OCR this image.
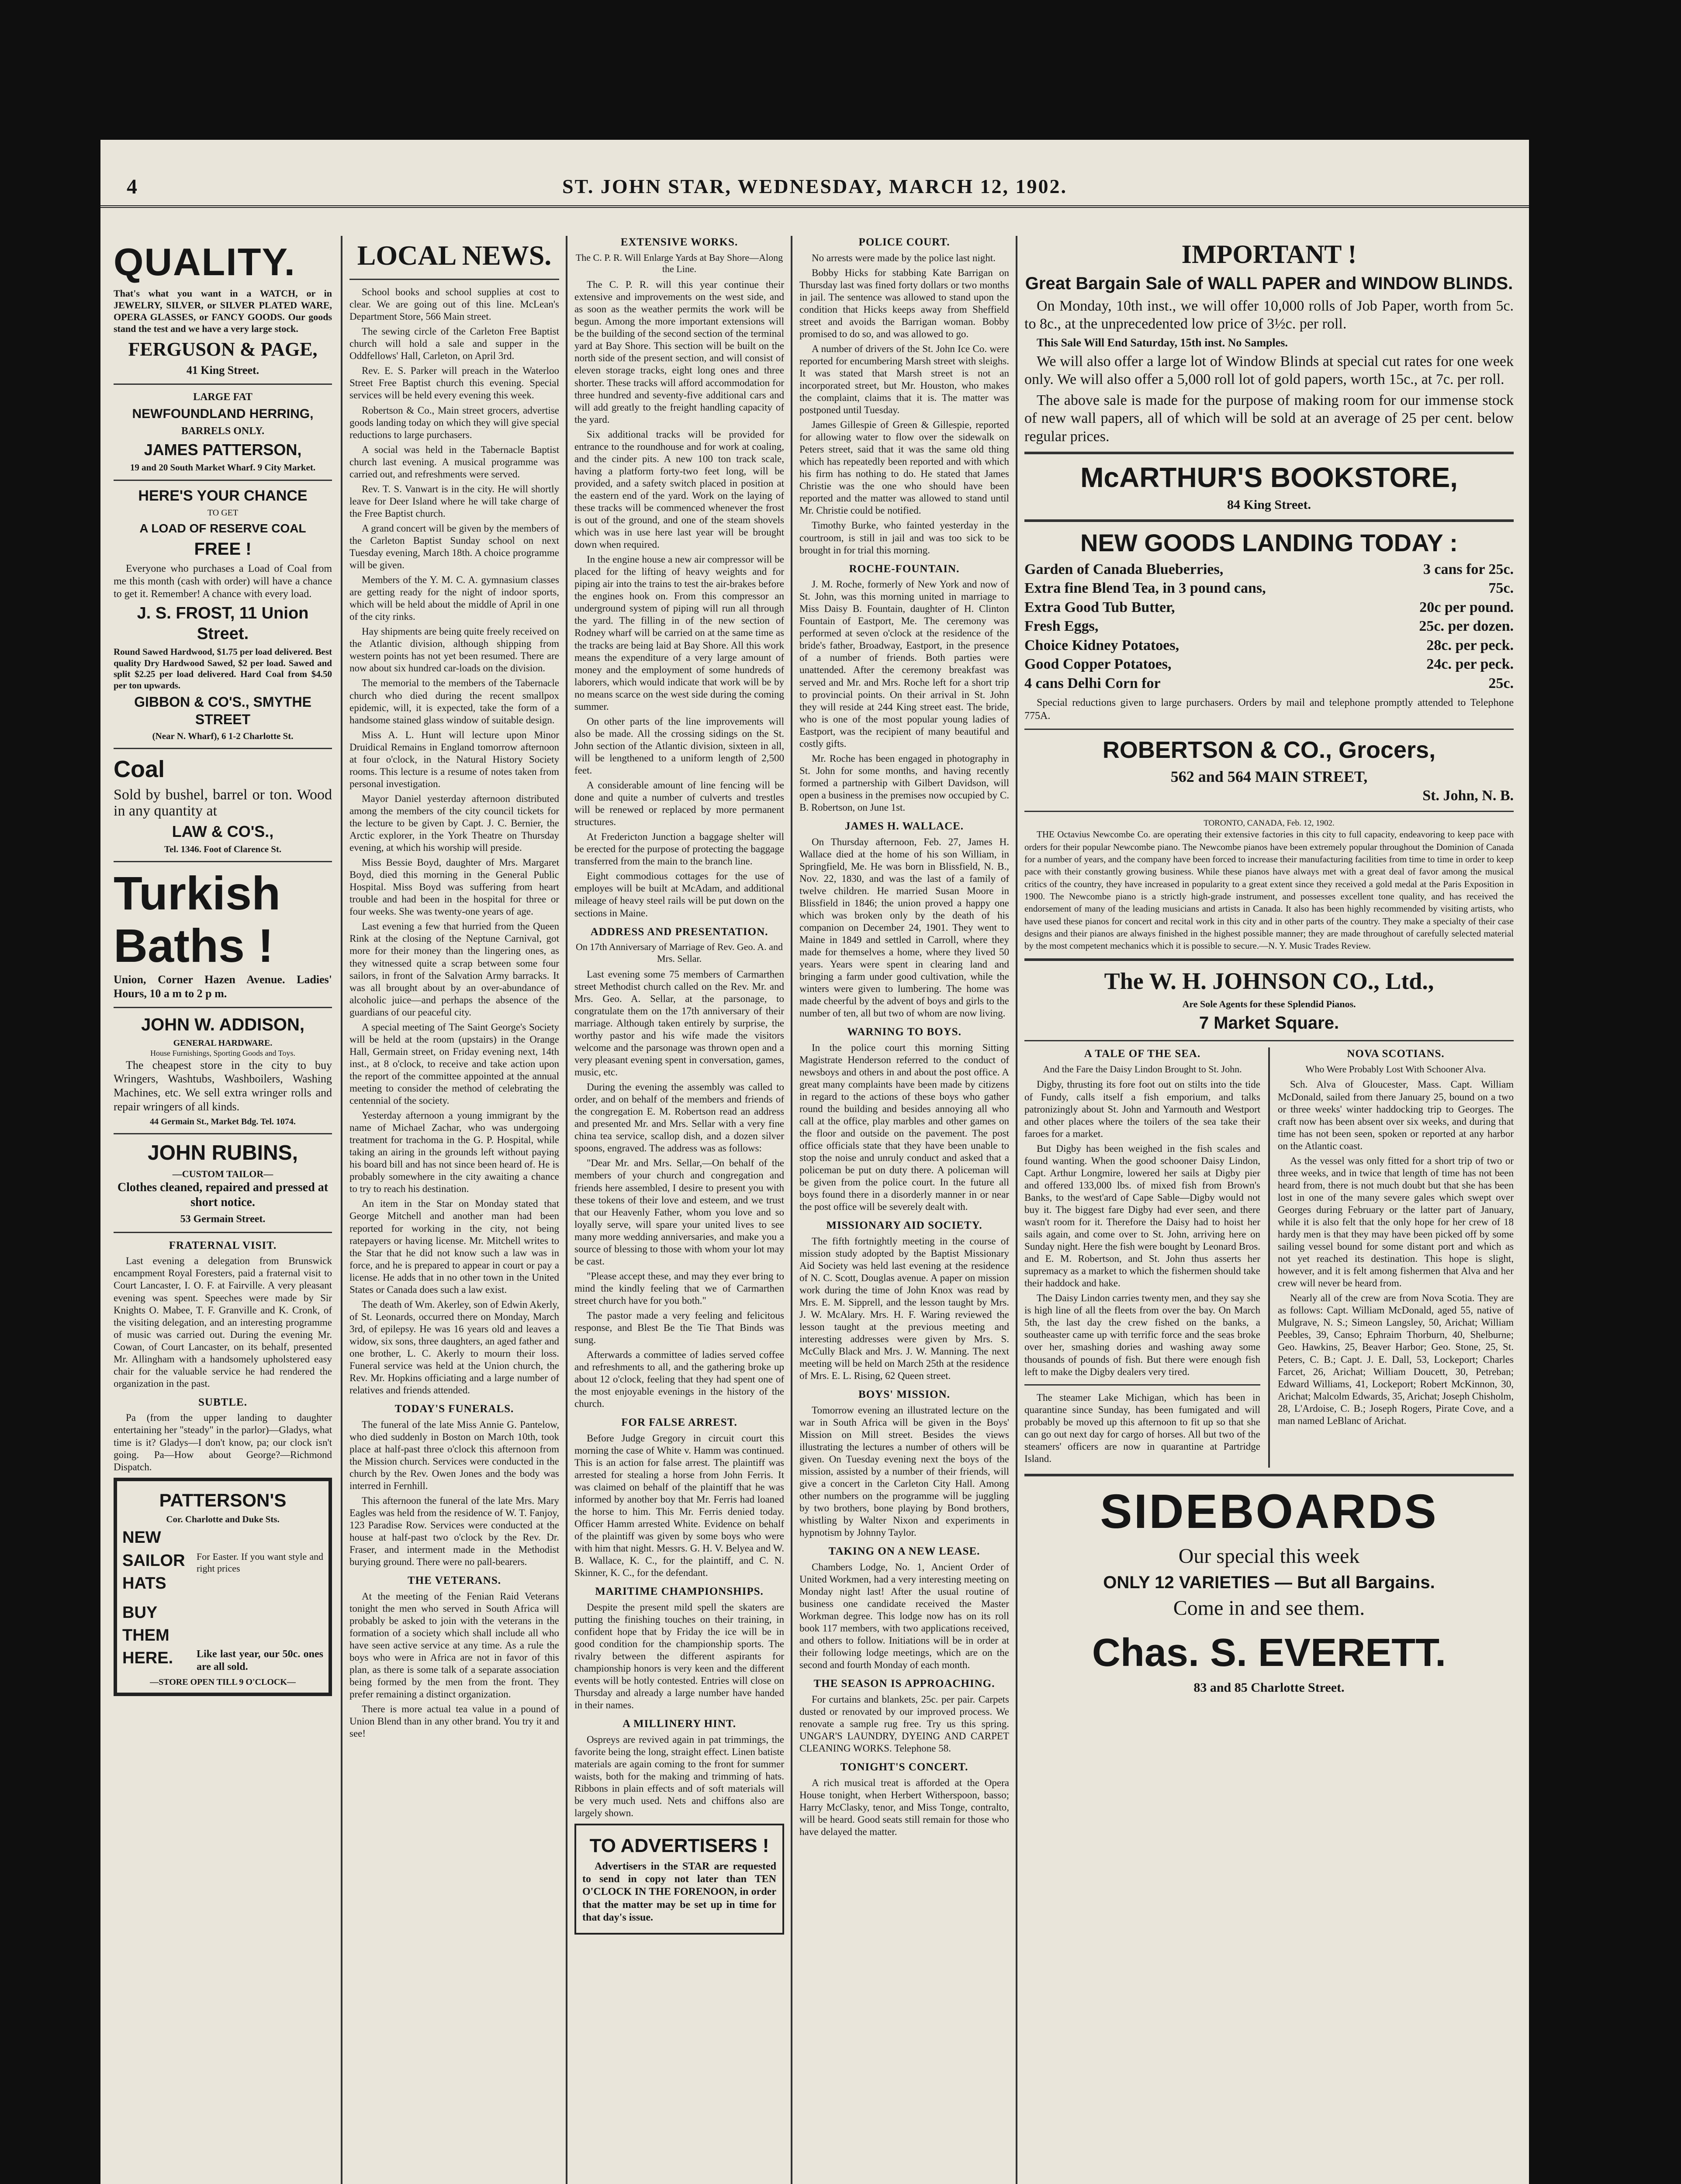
4	ST. JOHN STAR, WEDNESDAY, MARCH 12, 1902.
QUALITY.

That's what you want in a WATCH, or in JEWELRY, SILVER, or SILVER PLATED WARE, OPERA GLASSES, or FANCY GOODS. Our goods stand the test and we have a very large stock.

FERGUSON & PAGE,
41 King Street.
LARGE FAT
NEWFOUNDLAND HERRING,
BARRELS ONLY.
JAMES PATTERSON,
19 and 20 South Market Wharf. 9 City Market.
HERE'S YOUR CHANCE
TO GET
A LOAD OF RESERVE COAL
FREE !

Everyone who purchases a Load of Coal from me this month (cash with order) will have a chance to get it. Remember! A chance with every load.

J. S. FROST, 11 Union Street.

Round Sawed Hardwood, $1.75 per load delivered. Best quality Dry Hardwood Sawed, $2 per load. Sawed and split $2.25 per load delivered. Hard Coal from $4.50 per ton upwards.

GIBBON & CO'S., SMYTHE STREET
(Near N. Wharf), 6 1-2 Charlotte St.
Coal

Sold by bushel, barrel or ton. Wood in any quantity at

LAW & CO'S.,
Tel. 1346. Foot of Clarence St.
Turkish
Baths !

Union, Corner Hazen Avenue. Ladies' Hours, 10 a m to 2 p m.

JOHN W. ADDISON,
GENERAL HARDWARE.
House Furnishings, Sporting Goods and Toys.

The cheapest store in the city to buy Wringers, Washtubs, Washboilers, Washing Machines, etc. We sell extra wringer rolls and repair wringers of all kinds.

44 Germain St., Market Bdg. Tel. 1074.
JOHN RUBINS,
—CUSTOM TAILOR—

Clothes cleaned, repaired and pressed at short notice.

53 Germain Street.
FRATERNAL VISIT.

Last evening a delegation from Brunswick encampment Royal Foresters, paid a fraternal visit to Court Lancaster, I. O. F. at Fairville. A very pleasant evening was spent. Speeches were made by Sir Knights O. Mabee, T. F. Granville and K. Cronk, of the visiting delegation, and an interesting programme of music was carried out. During the evening Mr. Cowan, of Court Lancaster, on its behalf, presented Mr. Allingham with a handsomely upholstered easy chair for the valuable service he had rendered the organization in the past.

SUBTLE.

Pa (from the upper landing to daughter entertaining her "steady" in the parlor)—Gladys, what time is it? Gladys—I don't know, pa; our clock isn't going. Pa—How about George?—Richmond Dispatch.

PATTERSON'S
Cor. Charlotte and Duke Sts.
NEW
SAILOR
HATS
For Easter. If you want style and right prices
BUY
THEM
HERE.	Like last year, our 50c. ones are all sold.
—STORE OPEN TILL 9 O'CLOCK—
LOCAL NEWS.

School books and school supplies at cost to clear. We are going out of this line. McLean's Department Store, 566 Main street.

The sewing circle of the Carleton Free Baptist church will hold a sale and supper in the Oddfellows' Hall, Carleton, on April 3rd.

Rev. E. S. Parker will preach in the Waterloo Street Free Baptist church this evening. Special services will be held every evening this week.

Robertson & Co., Main street grocers, advertise goods landing today on which they will give special reductions to large purchasers.

A social was held in the Tabernacle Baptist church last evening. A musical programme was carried out, and refreshments were served.

Rev. T. S. Vanwart is in the city. He will shortly leave for Deer Island where he will take charge of the Free Baptist church.

A grand concert will be given by the members of the Carleton Baptist Sunday school on next Tuesday evening, March 18th. A choice programme will be given.

Members of the Y. M. C. A. gymnasium classes are getting ready for the night of indoor sports, which will be held about the middle of April in one of the city rinks.

Hay shipments are being quite freely received on the Atlantic division, although shipping from western points has not yet been resumed. There are now about six hundred car-loads on the division.

The memorial to the members of the Tabernacle church who died during the recent smallpox epidemic, will, it is expected, take the form of a handsome stained glass window of suitable design.

Miss A. L. Hunt will lecture upon Minor Druidical Remains in England tomorrow afternoon at four o'clock, in the Natural History Society rooms. This lecture is a resume of notes taken from personal investigation.

Mayor Daniel yesterday afternoon distributed among the members of the city council tickets for the lecture to be given by Capt. J. C. Bernier, the Arctic explorer, in the York Theatre on Thursday evening, at which his worship will preside.

Miss Bessie Boyd, daughter of Mrs. Margaret Boyd, died this morning in the General Public Hospital. Miss Boyd was suffering from heart trouble and had been in the hospital for three or four weeks. She was twenty-one years of age.

Last evening a few that hurried from the Queen Rink at the closing of the Neptune Carnival, got more for their money than the lingering ones, as they witnessed quite a scrap between some four sailors, in front of the Salvation Army barracks. It was all brought about by an over-abundance of alcoholic juice—and perhaps the absence of the guardians of our peaceful city.

A special meeting of The Saint George's Society will be held at the room (upstairs) in the Orange Hall, Germain street, on Friday evening next, 14th inst., at 8 o'clock, to receive and take action upon the report of the committee appointed at the annual meeting to consider the method of celebrating the centennial of the society.

Yesterday afternoon a young immigrant by the name of Michael Zachar, who was undergoing treatment for trachoma in the G. P. Hospital, while taking an airing in the grounds left without paying his board bill and has not since been heard of. He is probably somewhere in the city awaiting a chance to try to reach his destination.

An item in the Star on Monday stated that George Mitchell and another man had been reported for working in the city, not being ratepayers or having license. Mr. Mitchell writes to the Star that he did not know such a law was in force, and he is prepared to appear in court or pay a license. He adds that in no other town in the United States or Canada does such a law exist.

The death of Wm. Akerley, son of Edwin Akerly, of St. Leonards, occurred there on Monday, March 3rd, of epilepsy. He was 16 years old and leaves a widow, six sons, three daughters, an aged father and one brother, L. C. Akerly to mourn their loss. Funeral service was held at the Union church, the Rev. Mr. Hopkins officiating and a large number of relatives and friends attended.

TODAY'S FUNERALS.

The funeral of the late Miss Annie G. Pantelow, who died suddenly in Boston on March 10th, took place at half-past three o'clock this afternoon from the Mission church. Services were conducted in the church by the Rev. Owen Jones and the body was interred in Fernhill.

This afternoon the funeral of the late Mrs. Mary Eagles was held from the residence of W. T. Fanjoy, 123 Paradise Row. Services were conducted at the house at half-past two o'clock by the Rev. Dr. Fraser, and interment made in the Methodist burying ground. There were no pall-bearers.

THE VETERANS.

At the meeting of the Fenian Raid Veterans tonight the men who served in South Africa will probably be asked to join with the veterans in the formation of a society which shall include all who have seen active service at any time. As a rule the boys who were in Africa are not in favor of this plan, as there is some talk of a separate association being formed by the men from the front. They prefer remaining a distinct organization.

There is more actual tea value in a pound of Union Blend than in any other brand. You try it and see!

EXTENSIVE WORKS.
The C. P. R. Will Enlarge Yards at Bay Shore—Along the Line.

The C. P. R. will this year continue their extensive and improvements on the west side, and as soon as the weather permits the work will be begun. Among the more important extensions will be the building of the second section of the terminal yard at Bay Shore. This section will be built on the north side of the present section, and will consist of eleven storage tracks, eight long ones and three shorter. These tracks will afford accommodation for three hundred and seventy-five additional cars and will add greatly to the freight handling capacity of the yard.

Six additional tracks will be provided for entrance to the roundhouse and for work at coaling, and the cinder pits. A new 100 ton track scale, having a platform forty-two feet long, will be provided, and a safety switch placed in position at the eastern end of the yard. Work on the laying of these tracks will be commenced whenever the frost is out of the ground, and one of the steam shovels which was in use here last year will be brought down when required.

In the engine house a new air compressor will be placed for the lifting of heavy weights and for piping air into the trains to test the air-brakes before the engines hook on. From this compressor an underground system of piping will run all through the yard. The filling in of the new section of Rodney wharf will be carried on at the same time as the tracks are being laid at Bay Shore. All this work means the expenditure of a very large amount of money and the employment of some hundreds of laborers, which would indicate that work will be by no means scarce on the west side during the coming summer.

On other parts of the line improvements will also be made. All the crossing sidings on the St. John section of the Atlantic division, sixteen in all, will be lengthened to a uniform length of 2,500 feet.

A considerable amount of line fencing will be done and quite a number of culverts and trestles will be renewed or replaced by more permanent structures.

At Fredericton Junction a baggage shelter will be erected for the purpose of protecting the baggage transferred from the main to the branch line.

Eight commodious cottages for the use of employes will be built at McAdam, and additional mileage of heavy steel rails will be put down on the sections in Maine.

ADDRESS AND PRESENTATION.
On 17th Anniversary of Marriage of Rev. Geo. A. and Mrs. Sellar.

Last evening some 75 members of Carmarthen street Methodist church called on the Rev. Mr. and Mrs. Geo. A. Sellar, at the parsonage, to congratulate them on the 17th anniversary of their marriage. Although taken entirely by surprise, the worthy pastor and his wife made the visitors welcome and the parsonage was thrown open and a very pleasant evening spent in conversation, games, music, etc.

During the evening the assembly was called to order, and on behalf of the members and friends of the congregation E. M. Robertson read an address and presented Mr. and Mrs. Sellar with a very fine china tea service, scallop dish, and a dozen silver spoons, engraved. The address was as follows:

"Dear Mr. and Mrs. Sellar,—On behalf of the members of your church and congregation and friends here assembled, I desire to present you with these tokens of their love and esteem, and we trust that our Heavenly Father, whom you love and so loyally serve, will spare your united lives to see many more wedding anniversaries, and make you a source of blessing to those with whom your lot may be cast.

"Please accept these, and may they ever bring to mind the kindly feeling that we of Carmarthen street church have for you both."

The pastor made a very feeling and felicitous response, and Blest Be the Tie That Binds was sung.

Afterwards a committee of ladies served coffee and refreshments to all, and the gathering broke up about 12 o'clock, feeling that they had spent one of the most enjoyable evenings in the history of the church.

FOR FALSE ARREST.

Before Judge Gregory in circuit court this morning the case of White v. Hamm was continued. This is an action for false arrest. The plaintiff was arrested for stealing a horse from John Ferris. It was claimed on behalf of the plaintiff that he was informed by another boy that Mr. Ferris had loaned the horse to him. This Mr. Ferris denied today. Officer Hamm arrested White. Evidence on behalf of the plaintiff was given by some boys who were with him that night. Messrs. G. H. V. Belyea and W. B. Wallace, K. C., for the plaintiff, and C. N. Skinner, K. C., for the defendant.

MARITIME CHAMPIONSHIPS.

Despite the present mild spell the skaters are putting the finishing touches on their training, in confident hope that by Friday the ice will be in good condition for the championship sports. The rivalry between the different aspirants for championship honors is very keen and the different events will be hotly contested. Entries will close on Thursday and already a large number have handed in their names.

A MILLINERY HINT.

Ospreys are revived again in pat trimmings, the favorite being the long, straight effect. Linen batiste materials are again coming to the front for summer waists, both for the making and trimming of hats. Ribbons in plain effects and of soft materials will be very much used. Nets and chiffons also are largely shown.

TO ADVERTISERS !

Advertisers in the STAR are requested to send in copy not later than TEN O'CLOCK IN THE FORENOON, in order that the matter may be set up in time for that day's issue.

POLICE COURT.

No arrests were made by the police last night.

Bobby Hicks for stabbing Kate Barrigan on Thursday last was fined forty dollars or two months in jail. The sentence was allowed to stand upon the condition that Hicks keeps away from Sheffield street and avoids the Barrigan woman. Bobby promised to do so, and was allowed to go.

A number of drivers of the St. John Ice Co. were reported for encumbering Marsh street with sleighs. It was stated that Marsh street is not an incorporated street, but Mr. Houston, who makes the complaint, claims that it is. The matter was postponed until Tuesday.

James Gillespie of Green & Gillespie, reported for allowing water to flow over the sidewalk on Peters street, said that it was the same old thing which has repeatedly been reported and with which his firm has nothing to do. He stated that James Christie was the one who should have been reported and the matter was allowed to stand until Mr. Christie could be notified.

Timothy Burke, who fainted yesterday in the courtroom, is still in jail and was too sick to be brought in for trial this morning.

ROCHE-FOUNTAIN.

J. M. Roche, formerly of New York and now of St. John, was this morning united in marriage to Miss Daisy B. Fountain, daughter of H. Clinton Fountain of Eastport, Me. The ceremony was performed at seven o'clock at the residence of the bride's father, Broadway, Eastport, in the presence of a number of friends. Both parties were unattended. After the ceremony breakfast was served and Mr. and Mrs. Roche left for a short trip to provincial points. On their arrival in St. John they will reside at 244 King street east. The bride, who is one of the most popular young ladies of Eastport, was the recipient of many beautiful and costly gifts.

Mr. Roche has been engaged in photography in St. John for some months, and having recently formed a partnership with Gilbert Davidson, will open a business in the premises now occupied by C. B. Robertson, on June 1st.

JAMES H. WALLACE.

On Thursday afternoon, Feb. 27, James H. Wallace died at the home of his son William, in Springfield, Me. He was born in Blissfield, N. B., Nov. 22, 1830, and was the last of a family of twelve children. He married Susan Moore in Blissfield in 1846; the union proved a happy one which was broken only by the death of his companion on December 24, 1901. They went to Maine in 1849 and settled in Carroll, where they made for themselves a home, where they lived 50 years. Years were spent in clearing land and bringing a farm under good cultivation, while the winters were given to lumbering. The home was made cheerful by the advent of boys and girls to the number of ten, all but two of whom are now living.

WARNING TO BOYS.

In the police court this morning Sitting Magistrate Henderson referred to the conduct of newsboys and others in and about the post office. A great many complaints have been made by citizens in regard to the actions of these boys who gather round the building and besides annoying all who call at the office, play marbles and other games on the floor and outside on the pavement. The post office officials state that they have been unable to stop the noise and unruly conduct and asked that a policeman be put on duty there. A policeman will be given from the police court. In the future all boys found there in a disorderly manner in or near the post office will be severely dealt with.

MISSIONARY AID SOCIETY.

The fifth fortnightly meeting in the course of mission study adopted by the Baptist Missionary Aid Society was held last evening at the residence of N. C. Scott, Douglas avenue. A paper on mission work during the time of John Knox was read by Mrs. E. M. Sipprell, and the lesson taught by Mrs. J. W. McAlary. Mrs. H. F. Waring reviewed the lesson taught at the previous meeting and interesting addresses were given by Mrs. S. McCully Black and Mrs. J. W. Manning. The next meeting will be held on March 25th at the residence of Mrs. E. L. Rising, 62 Queen street.

BOYS' MISSION.

Tomorrow evening an illustrated lecture on the war in South Africa will be given in the Boys' Mission on Mill street. Besides the views illustrating the lectures a number of others will be given. On Tuesday evening next the boys of the mission, assisted by a number of their friends, will give a concert in the Carleton City Hall. Among other numbers on the programme will be juggling by two brothers, bone playing by Bond brothers, whistling by Walter Nixon and experiments in hypnotism by Johnny Taylor.

TAKING ON A NEW LEASE.

Chambers Lodge, No. 1, Ancient Order of United Workmen, had a very interesting meeting on Monday night last! After the usual routine of business one candidate received the Master Workman degree. This lodge now has on its roll book 117 members, with two applications received, and others to follow. Initiations will be in order at their following lodge meetings, which are on the second and fourth Monday of each month.

THE SEASON IS APPROACHING.

For curtains and blankets, 25c. per pair. Carpets dusted or renovated by our improved process. We renovate a sample rug free. Try us this spring. UNGAR'S LAUNDRY, DYEING AND CARPET CLEANING WORKS. Telephone 58.

TONIGHT'S CONCERT.

A rich musical treat is afforded at the Opera House tonight, when Herbert Witherspoon, basso; Harry McClasky, tenor, and Miss Tonge, contralto, will be heard. Good seats still remain for those who have delayed the matter.

IMPORTANT !
Great Bargain Sale of WALL PAPER and WINDOW BLINDS.

On Monday, 10th inst., we will offer 10,000 rolls of Job Paper, worth from 5c. to 8c., at the unprecedented low price of 3½c. per roll.

This Sale Will End Saturday, 15th inst. No Samples.

We will also offer a large lot of Window Blinds at special cut rates for one week only. We will also offer a 5,000 roll lot of gold papers, worth 15c., at 7c. per roll.

The above sale is made for the purpose of making room for our immense stock of new wall papers, all of which will be sold at an average of 25 per cent. below regular prices.

McARTHUR'S BOOKSTORE,
84 King Street.
NEW GOODS LANDING TODAY :
Garden of Canada Blueberries,	3 cans for 25c.
Extra fine Blend Tea, in 3 pound cans,	75c.
Extra Good Tub Butter,	20c per pound.
Fresh Eggs,	25c. per dozen.
Choice Kidney Potatoes,	28c. per peck.
Good Copper Potatoes,	24c. per peck.
4 cans Delhi Corn for	25c.

Special reductions given to large purchasers. Orders by mail and telephone promptly attended to Telephone 775A.

ROBERTSON & CO., Grocers,
562 and 564 MAIN STREET,
St. John, N. B.
TORONTO, CANADA, Feb. 12, 1902.

THE Octavius Newcombe Co. are operating their extensive factories in this city to full capacity, endeavoring to keep pace with orders for their popular Newcombe piano. The Newcombe pianos have been extremely popular throughout the Dominion of Canada for a number of years, and the company have been forced to increase their manufacturing facilities from time to time in order to keep pace with their constantly growing business. While these pianos have always met with a great deal of favor among the musical critics of the country, they have increased in popularity to a great extent since they received a gold medal at the Paris Exposition in 1900. The Newcombe piano is a strictly high-grade instrument, and possesses excellent tone quality, and has received the endorsement of many of the leading musicians and artists in Canada. It also has been highly recommended by visiting artists, who have used these pianos for concert and recital work in this city and in other parts of the country. They make a specialty of their case designs and their pianos are always finished in the highest possible manner; they are made throughout of carefully selected material by the most competent mechanics which it is possible to secure.—N. Y. Music Trades Review.

The W. H. JOHNSON CO., Ltd.,
Are Sole Agents for these Splendid Pianos.
7 Market Square.
A TALE OF THE SEA.
And the Fare the Daisy Lindon Brought to St. John.

Digby, thrusting its fore foot out on stilts into the tide of Fundy, calls itself a fish emporium, and talks patronizingly about St. John and Yarmouth and Westport and other places where the toilers of the sea take their faroes for a market.

But Digby has been weighed in the fish scales and found wanting. When the good schooner Daisy Lindon, Capt. Arthur Longmire, lowered her sails at Digby pier and offered 133,000 lbs. of mixed fish from Brown's Banks, to the west'ard of Cape Sable—Digby would not buy it. The biggest fare Digby had ever seen, and there wasn't room for it. Therefore the Daisy had to hoist her sails again, and come over to St. John, arriving here on Sunday night. Here the fish were bought by Leonard Bros. and E. M. Robertson, and St. John thus asserts her supremacy as a market to which the fishermen should take their haddock and hake.

The Daisy Lindon carries twenty men, and they say she is high line of all the fleets from over the bay. On March 5th, the last day the crew fished on the banks, a southeaster came up with terrific force and the seas broke over her, smashing dories and washing away some thousands of pounds of fish. But there were enough fish left to make the Digby dealers very tired.

The steamer Lake Michigan, which has been in quarantine since Sunday, has been fumigated and will probably be moved up this afternoon to fit up so that she can go out next day for cargo of horses. All but two of the steamers' officers are now in quarantine at Partridge Island.

NOVA SCOTIANS.
Who Were Probably Lost With Schooner Alva.

Sch. Alva of Gloucester, Mass. Capt. William McDonald, sailed from there January 25, bound on a two or three weeks' winter haddocking trip to Georges. The craft now has been absent over six weeks, and during that time has not been seen, spoken or reported at any harbor on the Atlantic coast.

As the vessel was only fitted for a short trip of two or three weeks, and in twice that length of time has not been heard from, there is not much doubt but that she has been lost in one of the many severe gales which swept over Georges during February or the latter part of January, while it is also felt that the only hope for her crew of 18 hardy men is that they may have been picked off by some sailing vessel bound for some distant port and which as not yet reached its destination. This hope is slight, however, and it is felt among fishermen that Alva and her crew will never be heard from.

Nearly all of the crew are from Nova Scotia. They are as follows: Capt. William McDonald, aged 55, native of Mulgrave, N. S.; Simeon Langsley, 50, Arichat; William Peebles, 39, Canso; Ephraim Thorburn, 40, Shelburne; Geo. Hawkins, 25, Beaver Harbor; Geo. Stone, 25, St. Peters, C. B.; Capt. J. E. Dall, 53, Lockeport; Charles Farcet, 26, Arichat; William Doucett, 30, Petreban; Edward Williams, 41, Lockeport; Robert McKinnon, 30, Arichat; Malcolm Edwards, 35, Arichat; Joseph Chisholm, 28, L'Ardoise, C. B.; Joseph Rogers, Pirate Cove, and a man named LeBlanc of Arichat.

SIDEBOARDS
Our special this week
ONLY 12 VARIETIES — But all Bargains.
Come in and see them.
Chas. S. EVERETT.
83 and 85 Charlotte Street.
